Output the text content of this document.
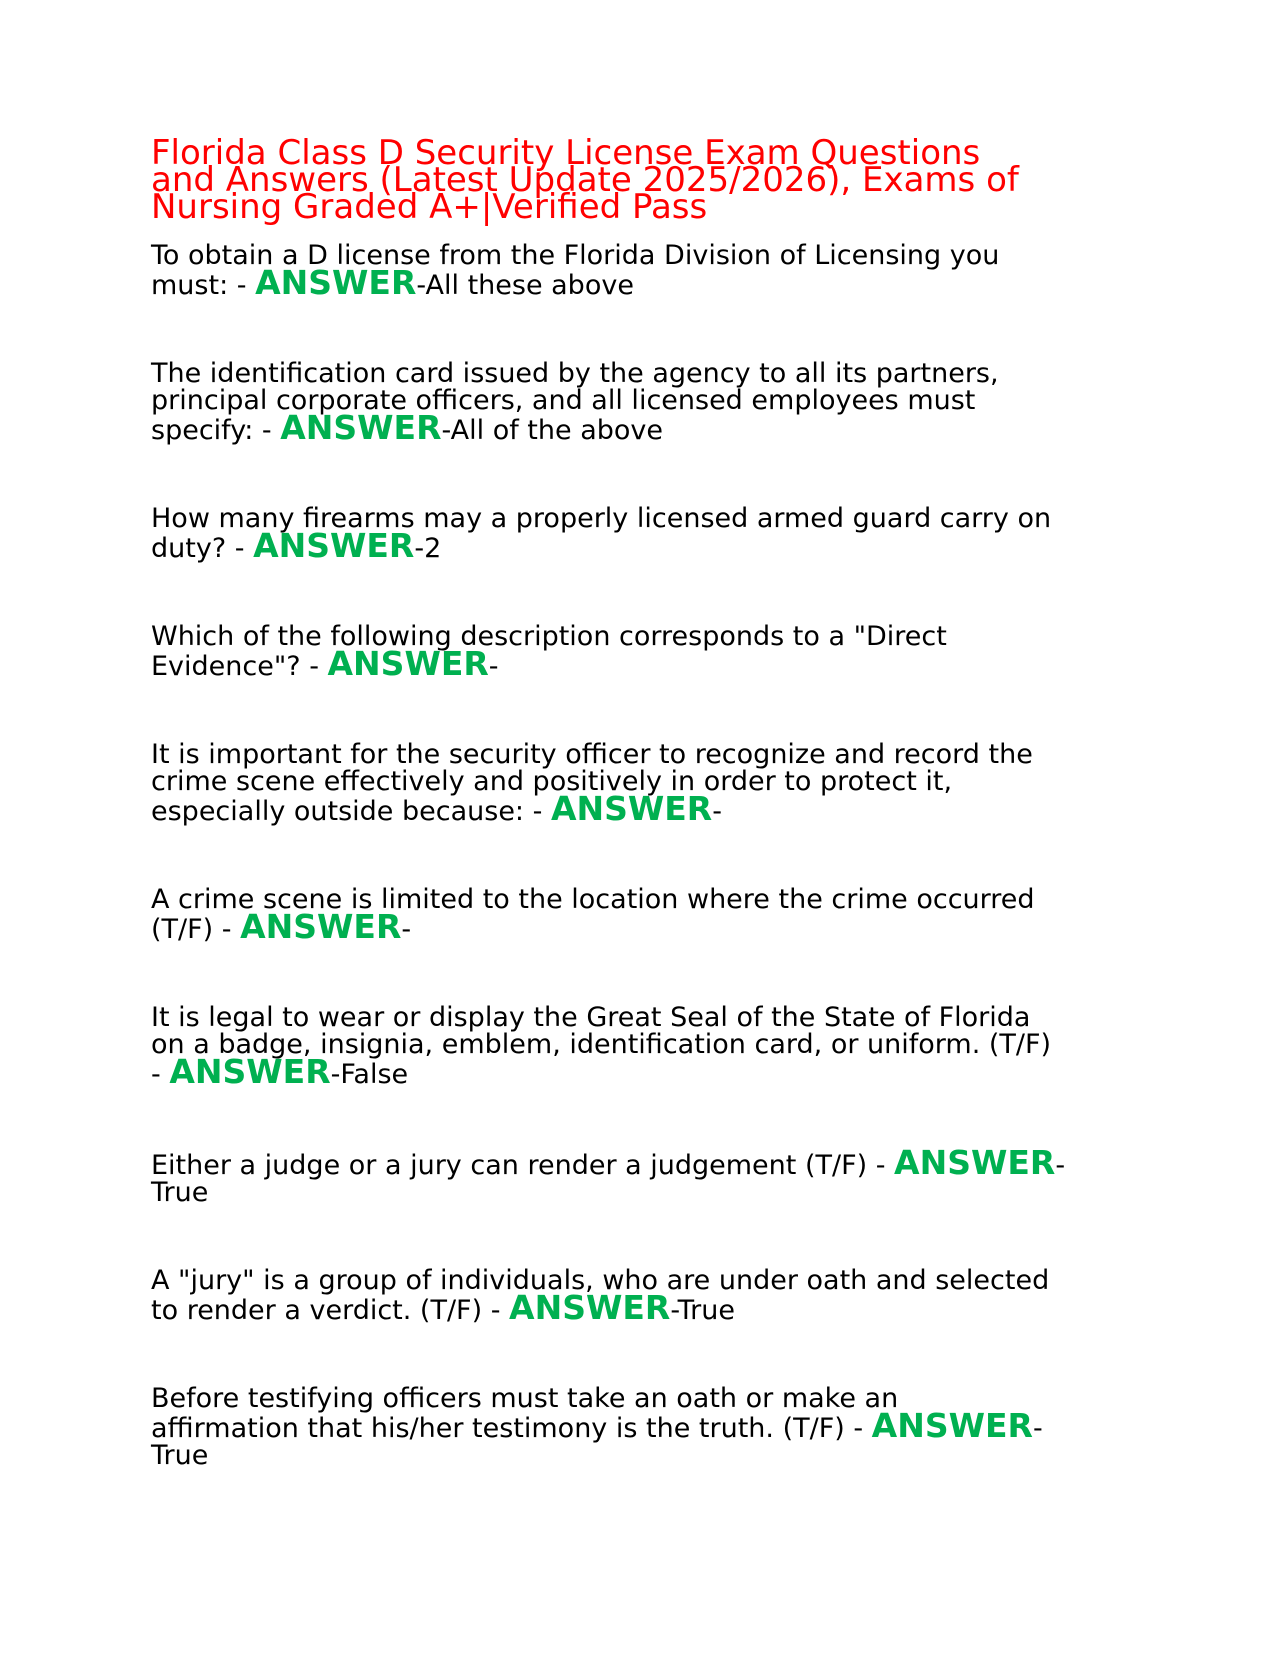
Florida Class D Security License Exam Questions
and Answers (Latest Update 2025/2026), Exams of
Nursing Graded A+|Verified Pass

To obtain a D license from the Florida Division of Licensing you
must: - ANSWER-All these above

The identification card issued by the agency to all its partners,
principal corporate officers, and all licensed employees must
specify: - ANSWER-All of the above

How many firearms may a properly licensed armed guard carry on
duty? - ANSWER-2

Which of the following description corresponds to a "Direct
Evidence"? - ANSWER-

It is important for the security officer to recognize and record the
crime scene effectively and positively in order to protect it,
especially outside because: - ANSWER-

A crime scene is limited to the location where the crime occurred
(T/F) - ANSWER-

It is legal to wear or display the Great Seal of the State of Florida
on a badge, insignia, emblem, identification card, or uniform. (T/F)
- ANSWER-False

Either a judge or a jury can render a judgement (T/F) - ANSWER-
True

A "jury" is a group of individuals, who are under oath and selected
to render a verdict. (T/F) - ANSWER-True

Before testifying officers must take an oath or make an
affirmation that his/her testimony is the truth. (T/F) - ANSWER-
True
